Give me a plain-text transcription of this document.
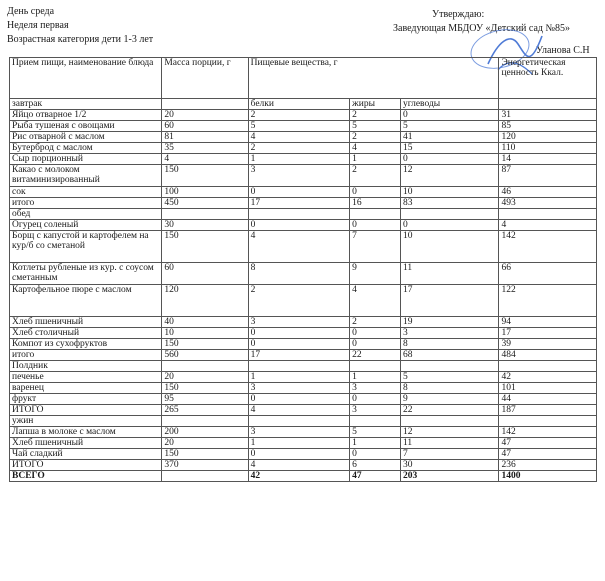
День среда
Неделя первая
Возрастная категория дети 1-3 лет
Утверждаю:
Заведующая МБДОУ «Детский сад №85»
Уланова С.Н
Прием пищи, наименование блюда	Масса порции, г	Пищевые вещества, г			Энергетическая ценность Ккал.
завтрак		белки	жиры	углеводы	
Яйцо отварное 1/2	20	2	2	0	31
Рыба тушеная с овощами	60	5	5	5	85
Рис отварной с маслом	81	4	2	41	120
Бутерброд с маслом	35	2	4	15	110
Сыр порционный	4	1	1	0	14
Какао с молоком витаминизированный	150	3	2	12	87
сок	100	0	0	10	46
итого	450	17	16	83	493
обед					
Огурец соленый	30	0	0	0	4
Борщ с капустой и картофелем на кур/б со сметаной	150	4	7	10	142
Котлеты рубленые из кур. с соусом сметанным	60	8	9	11	66
Картофельное пюре с маслом	120	2	4	17	122
Хлеб пшеничный	40	3	2	19	94
Хлеб столичный	10	0	0	3	17
Компот из сухофруктов	150	0	0	8	39
итого	560	17	22	68	484
Полдник					
печенье	20	1	1	5	42
варенец	150	3	3	8	101
фрукт	95	0	0	9	44
ИТОГО	265	4	3	22	187
ужин					
Лапша в молоке с маслом	200	3	5	12	142
Хлеб пшеничный	20	1	1	11	47
Чай сладкий	150	0	0	7	47
ИТОГО	370	4	6	30	236
ВСЕГО		42	47	203	1400
